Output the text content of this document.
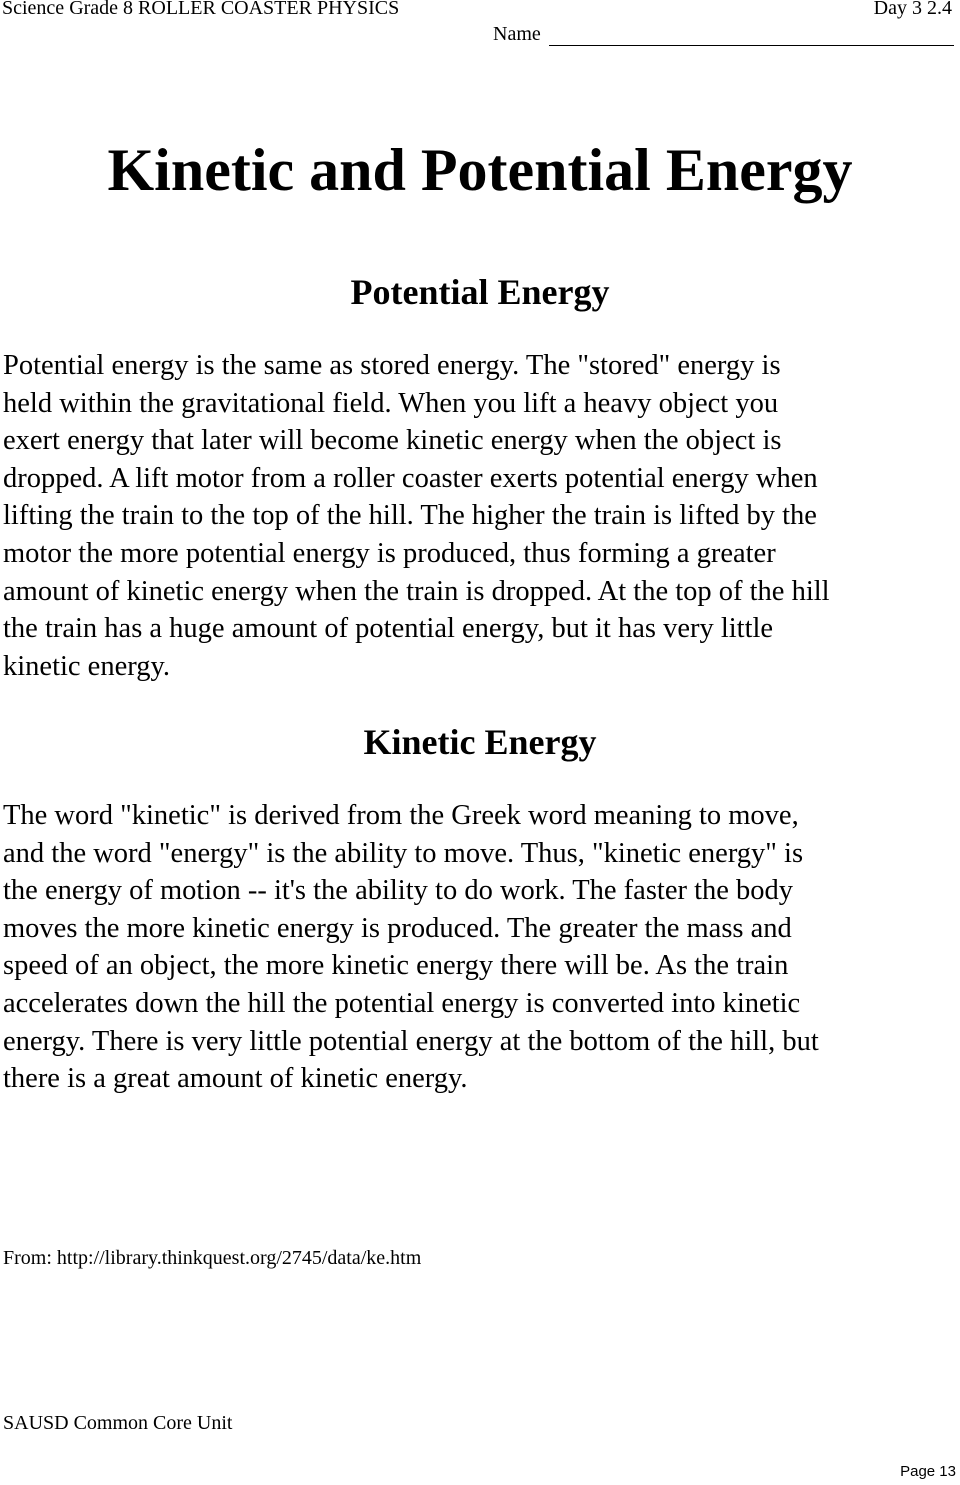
Science Grade 8 ROLLER COASTER PHYSICS	Day 3 2.4
Name
Kinetic and Potential Energy
Potential Energy

Potential energy is the same as stored energy. The "stored" energy is
held within the gravitational field. When you lift a heavy object you
exert energy that later will become kinetic energy when the object is
dropped. A lift motor from a roller coaster exerts potential energy when
lifting the train to the top of the hill. The higher the train is lifted by the
motor the more potential energy is produced, thus forming a greater
amount of kinetic energy when the train is dropped. At the top of the hill
the train has a huge amount of potential energy, but it has very little
kinetic energy.

Kinetic Energy

The word "kinetic" is derived from the Greek word meaning to move,
and the word "energy" is the ability to move. Thus, "kinetic energy" is
the energy of motion -- it's the ability to do work. The faster the body
moves the more kinetic energy is produced. The greater the mass and
speed of an object, the more kinetic energy there will be. As the train
accelerates down the hill the potential energy is converted into kinetic
energy. There is very little potential energy at the bottom of the hill, but
there is a great amount of kinetic energy.

From: http://library.thinkquest.org/2745/data/ke.htm
SAUSD Common Core Unit
Page 13
